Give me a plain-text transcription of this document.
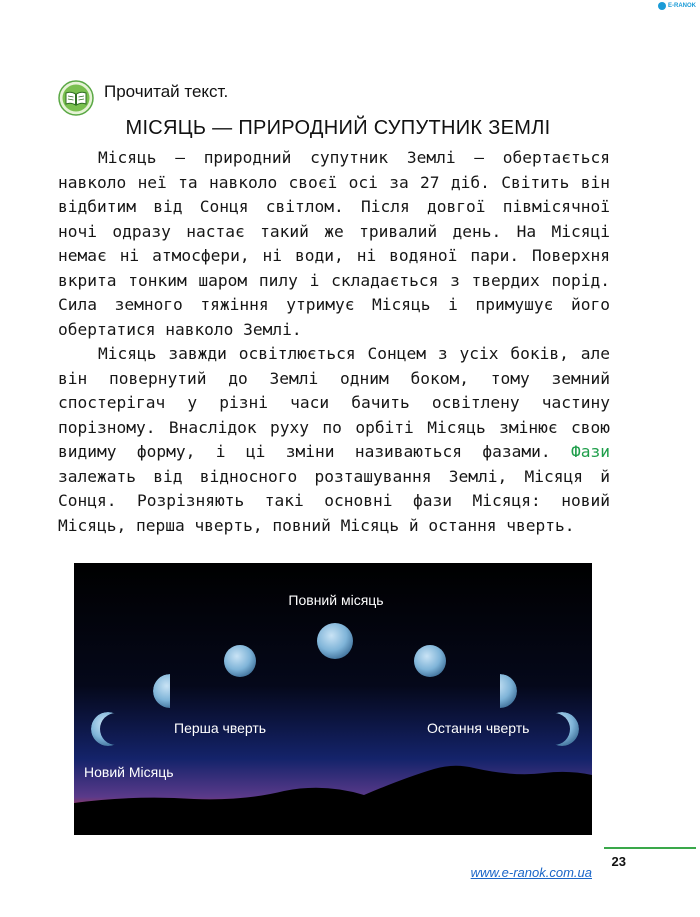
E-RANOK
Прочитай текст.
МІСЯЦЬ — ПРИРОДНИЙ СУПУТНИК ЗЕМЛІ

Місяць — природний супутник Землі — обертається навколо неї та навколо своєї осі за 27 діб. Світить він відбитим від Сонця світлом. Після довгої півмісячної ночі одразу настає такий же тривалий день. На Місяці немає ні атмосфери, ні води, ні водяної пари. Поверхня вкрита тонким шаром пилу і складається з твердих порід. Сила земного тяжіння утримує Місяць і примушує його обертатися навколо Землі.

Місяць завжди освітлюється Сонцем з усіх боків, але він повернутий до Землі одним боком, тому земний спостерігач у різні часи бачить освітлену частину порізному. Внаслідок руху по орбіті Місяць змінює свою видиму форму, і ці зміни називаються фазами. Фази залежать від відносного розташування Землі, Місяця й Сонця. Розрізняють такі основні фази Місяця: новий Місяць, перша чверть, повний Місяць й остання чверть.

Повний місяць
Перша чверть	Остання чверть
Новий Місяць
23
www.e-ranok.com.ua
